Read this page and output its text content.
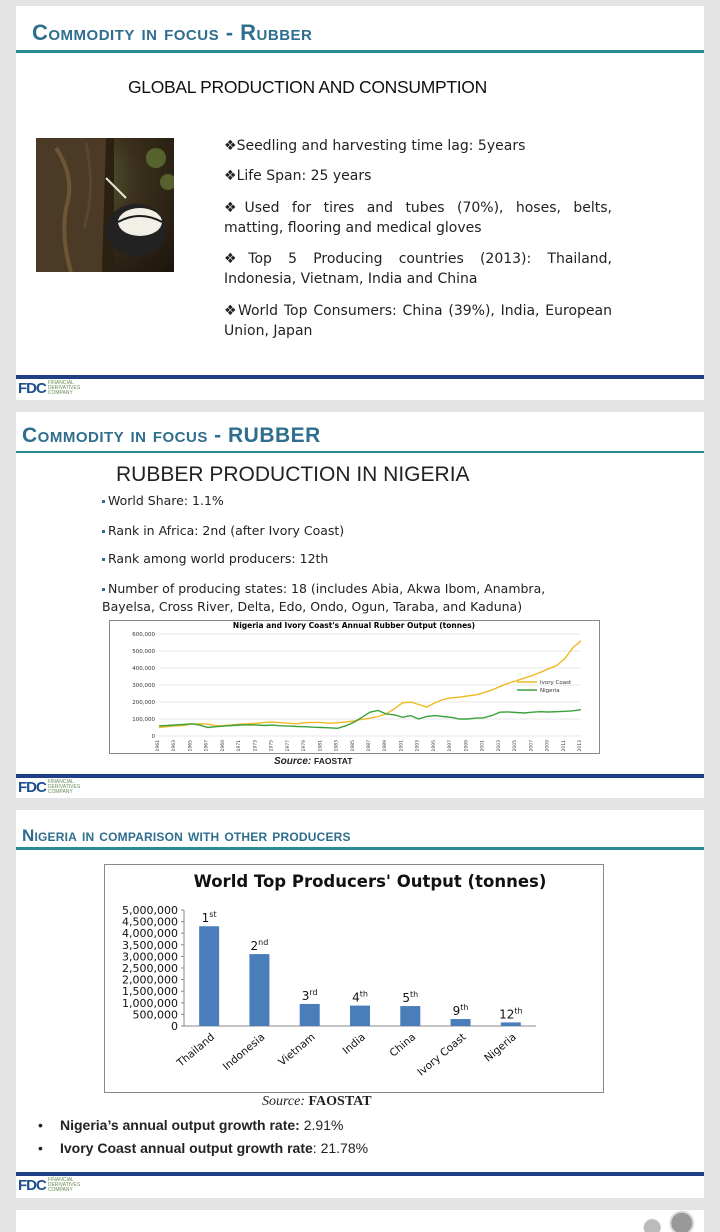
Commodity in focus - Rubber
GLOBAL PRODUCTION AND CONSUMPTION
❖Seedling and harvesting time lag: 5years
❖Life Span: 25 years
❖Used for tires and tubes (70%), hoses, belts, matting, flooring and medical gloves
❖Top 5 Producing countries (2013): Thailand, Indonesia, Vietnam, India and China
❖World Top Consumers: China (39%), India, European Union, Japan
FDC FINANCIAL DERIVATIVES COMPANY
Commodity in focus - RUBBER
RUBBER PRODUCTION IN NIGERIA
World Share: 1.1%
Rank in Africa: 2nd (after Ivory Coast)
Rank among world producers: 12th
Number of producing states: 18 (includes Abia, Akwa Ibom, Anambra, Bayelsa, Cross River, Delta, Edo, Ondo, Ogun, Taraba, and Kaduna)
Nigeria and Ivory Coast's Annual Rubber Output (tonnes)
600,000
500,000
400,000
300,000
200,000
100,000
0
1961 1963 1965 1967 1969 1971 1973 1975 1977 1979 1981 1983 1985 1987 1989 1991 1993 1995 1997 1999 2001 2003 2005 2007 2009 2011 2013
Ivory Coast
Nigeria
Source: FAOSTAT
FDC FINANCIAL DERIVATIVES COMPANY
Nigeria in comparison with other producers
World Top Producers' Output (tonnes)
5,000,000
4,500,000
4,000,000
3,500,000
3,000,000
2,500,000
2,000,000
1,500,000
1,000,000
500,000
0
1st
Thailand
2nd
Indonesia
3rd
Vietnam
4th
India
5th
China
9th
Ivory Coast
12th
Nigeria
Source: FAOSTAT
• Nigeria’s annual output growth rate: 2.91%
• Ivory Coast annual output growth rate: 21.78%
FDC FINANCIAL DERIVATIVES COMPANY
